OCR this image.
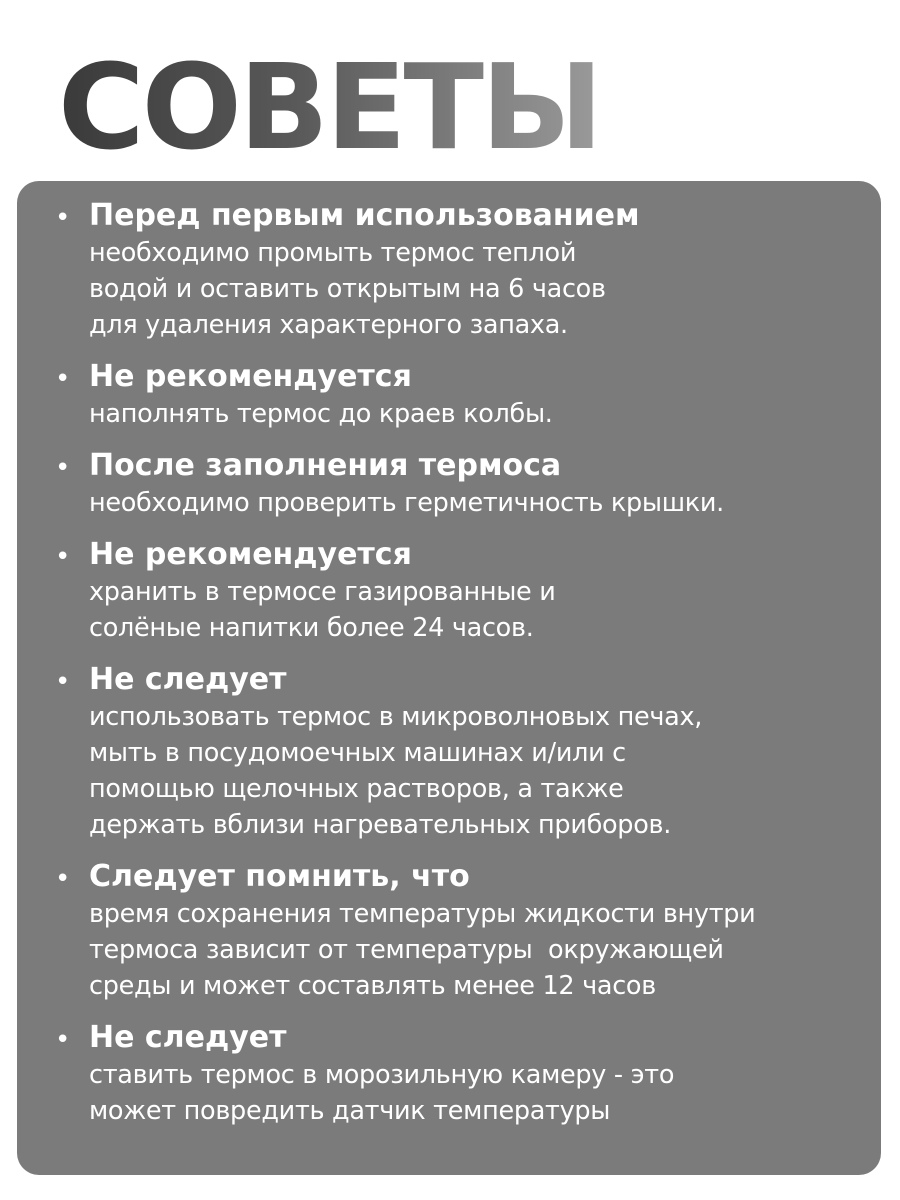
СОВЕТЫ
• Перед первым использованием
необходимо промыть термос теплой
водой и оставить открытым на 6 часов
для удаления характерного запаха.
• Не рекомендуется
наполнять термос до краев колбы.
• После заполнения термоса
необходимо проверить герметичность крышки.
• Не рекомендуется
хранить в термосе газированные и
солёные напитки более 24 часов.
• Не следует
использовать термос в микроволновых печах,
мыть в посудомоечных машинах и/или с
помощью щелочных растворов, а также
держать вблизи нагревательных приборов.
• Следует помнить, что
время сохранения температуры жидкости внутри
термоса зависит от температуры  окружающей
среды и может составлять менее 12 часов
• Не следует
ставить термос в морозильную камеру - это
может повредить датчик температуры
